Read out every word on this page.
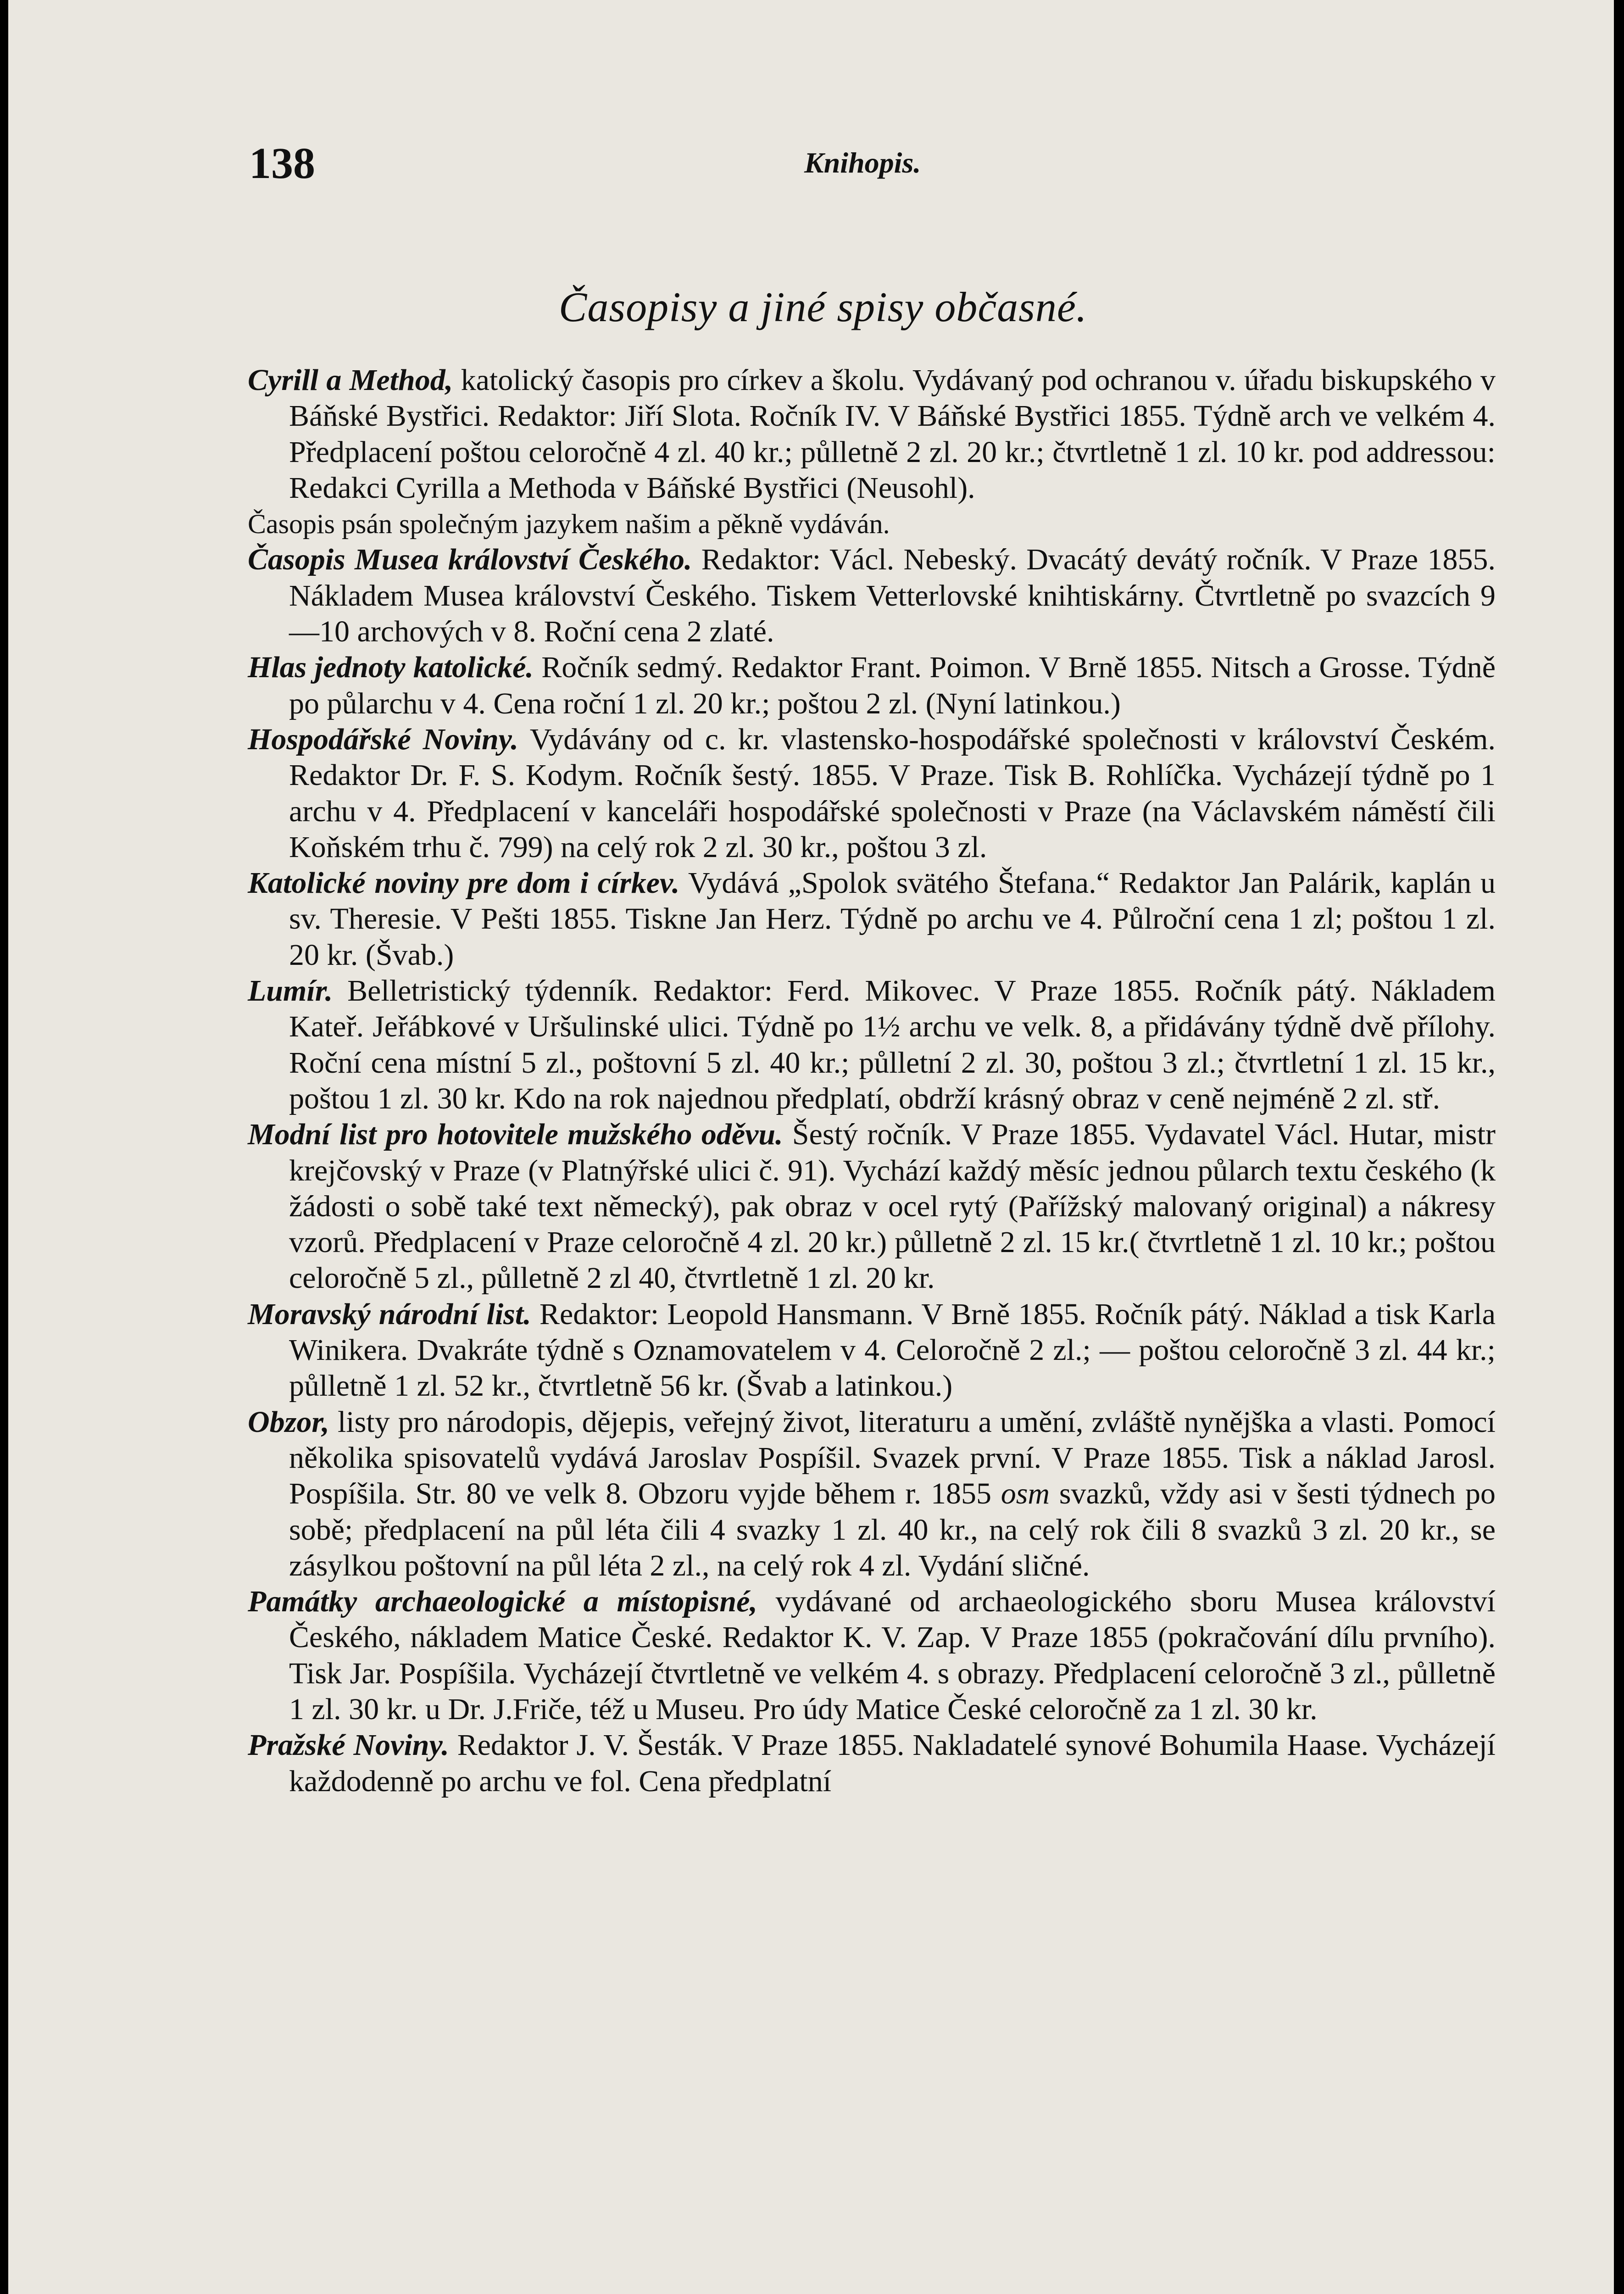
138	Knihopis.
Časopisy a jiné spisy občasné.

Cyrill a Method, katolický časopis pro církev a školu. Vydávaný pod ochranou v. úřadu biskupského v Báňské Bystřici. Redaktor: Jiří Slota. Ročník IV. V Báňské Bystřici 1855. Týdně arch ve velkém 4. Předplacení poštou celoročně 4 zl. 40 kr.; půlletně 2 zl. 20 kr.; čtvrtletně 1 zl. 10 kr. pod addressou: Redakci Cyrilla a Methoda v Báňské Bystřici (Neusohl).
Časopis psán společným jazykem našim a pěkně vydáván.

Časopis Musea království Českého. Redaktor: Václ. Nebeský. Dvacátý devátý ročník. V Praze 1855. Nákladem Musea království Českého. Tiskem Vetterlovské knihtiskárny. Čtvrtletně po svazcích 9—10 archových v 8. Roční cena 2 zlaté.

Hlas jednoty katolické. Ročník sedmý. Redaktor Frant. Poimon. V Brně 1855. Nitsch a Grosse. Týdně po půlarchu v 4. Cena roční 1 zl. 20 kr.; poštou 2 zl. (Nyní latinkou.)

Hospodářské Noviny. Vydávány od c. kr. vlastensko-hospodářské společnosti v království Českém. Redaktor Dr. F. S. Kodym. Ročník šestý. 1855. V Praze. Tisk B. Rohlíčka. Vycházejí týdně po 1 archu v 4. Předplacení v kanceláři hospodářské společnosti v Praze (na Václavském náměstí čili Koňském trhu č. 799) na celý rok 2 zl. 30 kr., poštou 3 zl.

Katolické noviny pre dom i církev. Vydává „Spolok svätého Štefana.“ Redaktor Jan Palárik, kaplán u sv. Theresie. V Pešti 1855. Tiskne Jan Herz. Týdně po archu ve 4. Půlroční cena 1 zl; poštou 1 zl. 20 kr. (Švab.)

Lumír. Belletristický týdenník. Redaktor: Ferd. Mikovec. V Praze 1855. Ročník pátý. Nákladem Kateř. Jeřábkové v Uršulinské ulici. Týdně po 1½ archu ve velk. 8, a přidávány týdně dvě přílohy. Roční cena místní 5 zl., poštovní 5 zl. 40 kr.; půlletní 2 zl. 30, poštou 3 zl.; čtvrtletní 1 zl. 15 kr., poštou 1 zl. 30 kr. Kdo na rok najednou předplatí, obdrží krásný obraz v ceně nejméně 2 zl. stř.

Modní list pro hotovitele mužského oděvu. Šestý ročník. V Praze 1855. Vydavatel Václ. Hutar, mistr krejčovský v Praze (v Platnýřské ulici č. 91). Vychází každý měsíc jednou půlarch textu českého (k žádosti o sobě také text německý), pak obraz v ocel rytý (Pařížský malovaný original) a nákresy vzorů. Předplacení v Praze celoročně 4 zl. 20 kr.) půlletně 2 zl. 15 kr.( čtvrtletně 1 zl. 10 kr.; poštou celoročně 5 zl., půlletně 2 zl 40, čtvrtletně 1 zl. 20 kr.

Moravský národní list. Redaktor: Leopold Hansmann. V Brně 1855. Ročník pátý. Náklad a tisk Karla Winikera. Dvakráte týdně s Oznamovatelem v 4. Celoročně 2 zl.; — poštou celoročně 3 zl. 44 kr.; půlletně 1 zl. 52 kr., čtvrtletně 56 kr. (Švab a latinkou.)

Obzor, listy pro národopis, dějepis, veřejný život, literaturu a umění, zvláště nynějška a vlasti. Pomocí několika spisovatelů vydává Jaroslav Pospíšil. Svazek první. V Praze 1855. Tisk a náklad Jarosl. Pospíšila. Str. 80 ve velk 8. Obzoru vyjde během r. 1855 osm svazků, vždy asi v šesti týdnech po sobě; předplacení na půl léta čili 4 svazky 1 zl. 40 kr., na celý rok čili 8 svazků 3 zl. 20 kr., se zásylkou poštovní na půl léta 2 zl., na celý rok 4 zl. Vydání sličné.

Památky archaeologické a místopisné, vydávané od archaeologického sboru Musea království Českého, nákladem Matice České. Redaktor K. V. Zap. V Praze 1855 (pokračování dílu prvního). Tisk Jar. Pospíšila. Vycházejí čtvrtletně ve velkém 4. s obrazy. Předplacení celoročně 3 zl., půlletně 1 zl. 30 kr. u Dr. J.Friče, též u Museu. Pro údy Matice České celoročně za 1 zl. 30 kr.

Pražské Noviny. Redaktor J. V. Šesták. V Praze 1855. Nakladatelé synové Bohumila Haase. Vycházejí každodenně po archu ve fol. Cena předplatní
